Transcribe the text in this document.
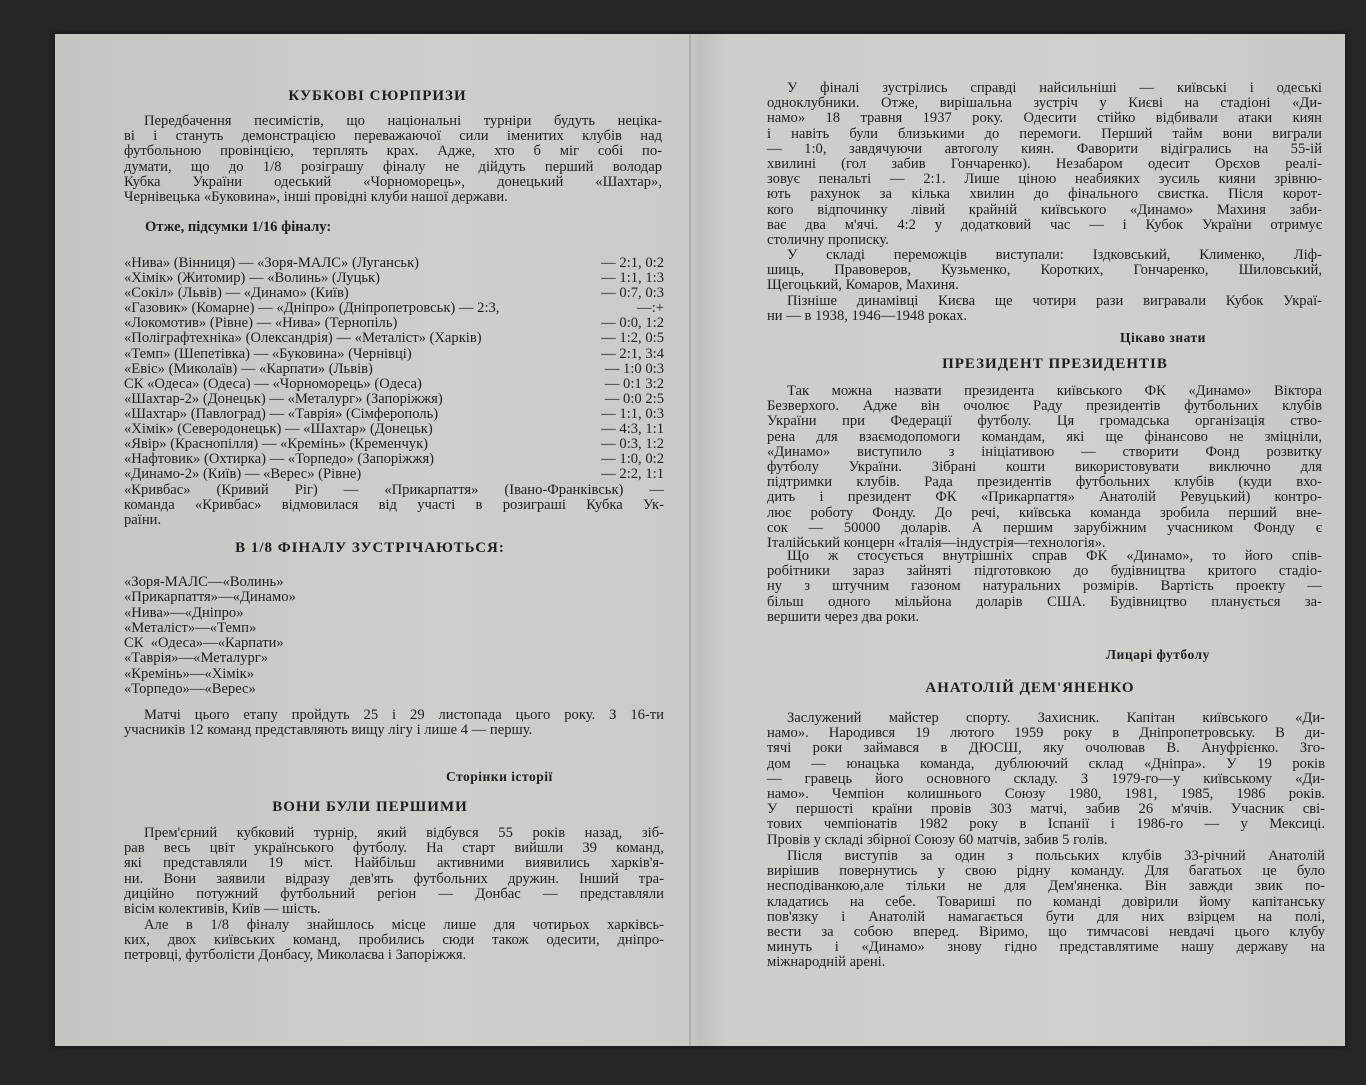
КУБКОВІ СЮРПРИЗИ
Передбачення песимістів, що національні турніри будуть нецiка-
ві і стануть демонстрацією переважаючої сили іменитих клубів над
футбольною провінцією, терплять крах. Адже, хто б міг собі по-
думати, що до 1/8 розіграшу фіналу не дійдуть перший володар
Кубка України одеський «Чорноморець», донецький «Шахтар»,
Чернівецька «Буковина», інші провідні клуби нашої держави.
Отже, підсумки 1/16 фіналу:
«Нива» (Вінниця) — «Зоря-МАЛС» (Луганськ)	— 2:1, 0:2
«Хімік» (Житомир) — «Волинь» (Луцьк)	— 1:1, 1:3
«Сокіл» (Львів) — «Динамо» (Київ)	— 0:7, 0:3
«Газовик» (Комарне) — «Дніпро» (Дніпропетровськ) — 2:3,	—:+
«Локомотив» (Рівне) — «Нива» (Тернопіль)	— 0:0, 1:2
«Поліграфтехніка» (Олександрія) — «Металіст» (Харків)	— 1:2, 0:5
«Темп» (Шепетівка) — «Буковина» (Чернівці)	— 2:1, 3:4
«Евіс» (Миколаїв) — «Карпати» (Львів)	— 1:0 0:3
СК «Одеса» (Одеса) — «Чорноморець» (Одеса)	— 0:1 3:2
«Шахтар-2» (Донецьк) — «Металург» (Запоріжжя)	— 0:0 2:5
«Шахтар» (Павлоград) — «Таврія» (Сімферополь)	— 1:1, 0:3
«Хімік» (Северодонецьк) — «Шахтар» (Донецьк)	— 4:3, 1:1
«Явір» (Краснопілля) — «Кремінь» (Кременчук)	— 0:3, 1:2
«Нафтовик» (Охтирка) — «Торпедо» (Запоріжжя)	— 1:0, 0:2
«Динамо-2» (Київ) — «Верес» (Рівне)	— 2:2, 1:1
«Кривбас» (Кривий Ріг) — «Прикарпаття» (Івано-Франківськ) —
команда «Кривбас» відмовилася від участі в розиграші Кубка Ук-
раїни.
В 1/8 ФІНАЛУ ЗУСТРІЧАЮТЬСЯ:
«Зоря-МАЛС—«Волинь»
«Прикарпаття»—«Динамо»
«Нива»—«Дніпро»
«Металіст»—«Темп»
СК  «Одеса»—«Карпати»
«Таврія»—«Металург»
«Кремінь»—«Хімік»
«Торпедо»—«Верес»
Матчі цього етапу пройдуть 25 і 29 листопада цього року. З 16-ти
учасників 12 команд представляють вищу лігу і лише 4 — першу.
Сторінки історії
ВОНИ БУЛИ ПЕРШИМИ
Прем'єрний кубковий турнір, який відбувся 55 років назад, зіб-
рав весь цвіт українського футболу. На старт вийшли 39 команд,
які представляли 19 міст. Найбільш активними виявились харків'я-
ни. Вони заявили відразу дев'ять футбольних дружин. Інший тра-
диційно потужний футбольний регіон — Донбас — представляли
вісім колективів, Київ — шість.
Але в 1/8 фіналу знайшлось місце лише для чотирьох харківсь-
ких, двох київських команд, пробились сюди також одесити, дніпро-
петровці, футболісти Донбасу, Миколаєва і Запоріжжя.
У фіналі зустрілись справді найсильніші — київські і одеські
одноклубники. Отже, вирішальна зустріч у Києві на стадіоні «Ди-
намо» 18 травня 1937 року. Одесити стійко відбивали атаки киян
і навіть були близькими до перемоги. Перший тайм вони виграли
— 1:0, завдячуючи автоголу киян. Фаворити відігрались на 55-ій
хвилині (гол забив Гончаренко). Незабаром одесит Орєхов реалі-
зовує пенальті — 2:1. Лише ціною неабияких зусиль кияни зрівню-
ють рахунок за кілька хвилин до фінального свистка. Після корот-
кого відпочинку лівий крайній київського «Динамо» Махиня заби-
ває два м'ячі. 4:2 у додатковий час — і Кубок України отримує
столичну прописку.
У складі переможців виступали: Іздковський, Клименко, Ліф-
шиць, Правоверов, Кузьменко, Коротких, Гончаренко, Шиловський,
Щегоцький, Комаров, Махиня.
Пізніше динамівці Києва ще чотири рази вигравали Кубок Украї-
ни — в 1938, 1946—1948 роках.
Цікаво знати
ПРЕЗИДЕНТ ПРЕЗИДЕНТІВ
Так можна назвати президента київського ФК «Динамо» Віктора
Безверхого. Адже він очолює Раду президентів футбольних клубів
України при Федерації футболу. Ця громадська організація ство-
рена для взаємодопомоги командам, які ще фінансово не зміцніли,
«Динамо» виступило з ініціативою — створити Фонд розвитку
футболу України. Зібрані кошти використовувати виключно для
підтримки клубів. Рада президентів футбольних клубів (куди вхо-
дить і президент ФК «Прикарпаття» Анатолій Ревуцький) контро-
лює роботу Фонду. До речі, київська команда зробила перший вне-
сок — 50000 доларів. А першим зарубіжним учасником Фонду є
Італійський концерн «Італія—індустрія—технологія».
Що ж стосується внутрішніх справ ФК «Динамо», то його спів-
робітники зараз зайняті підготовкою до будівництва критого стадіо-
ну з штучним газоном натуральних розмірів. Вартість проекту —
більш одного мільйона доларів США. Будівництво планується за-
вершити через два роки.
Лицарі футболу
АНАТОЛІЙ ДЕМ'ЯНЕНКО
Заслужений майстер спорту. Захисник. Капітан київського «Ди-
намо». Народився 19 лютого 1959 року в Дніпропетровську. В ди-
тячі роки займався в ДЮСШ, яку очолював В. Ануфрієнко. Зго-
дом — юнацька команда, дублюючий склад «Дніпра». У 19 років
— гравець його основного складу. З 1979-го—у київському «Ди-
намо». Чемпіон колишнього Союзу 1980, 1981, 1985, 1986 років.
У першості країни провів 303 матчі, забив 26 м'ячів. Учасник сві-
тових чемпіонатів 1982 року в Іспанії і 1986-го — у Мексиці.
Провів у складі збірної Союзу 60 матчів, забив 5 голів.
Після виступів за один з польських клубів 33-річний Анатолій
вирішив повернутись у свою рідну команду. Для багатьох це було
несподіванкою,але тільки не для Дем'яненка. Він завжди звик по-
кладатись на себе. Товариші по команді довірили йому капітанську
пов'язку і Анатолій намагається бути для них взірцем на полі,
вести за собою вперед. Віримо, що тимчасові невдачі цього клубу
минуть і «Динамо» знову гідно представлятиме нашу державу на
міжнародній арені.
